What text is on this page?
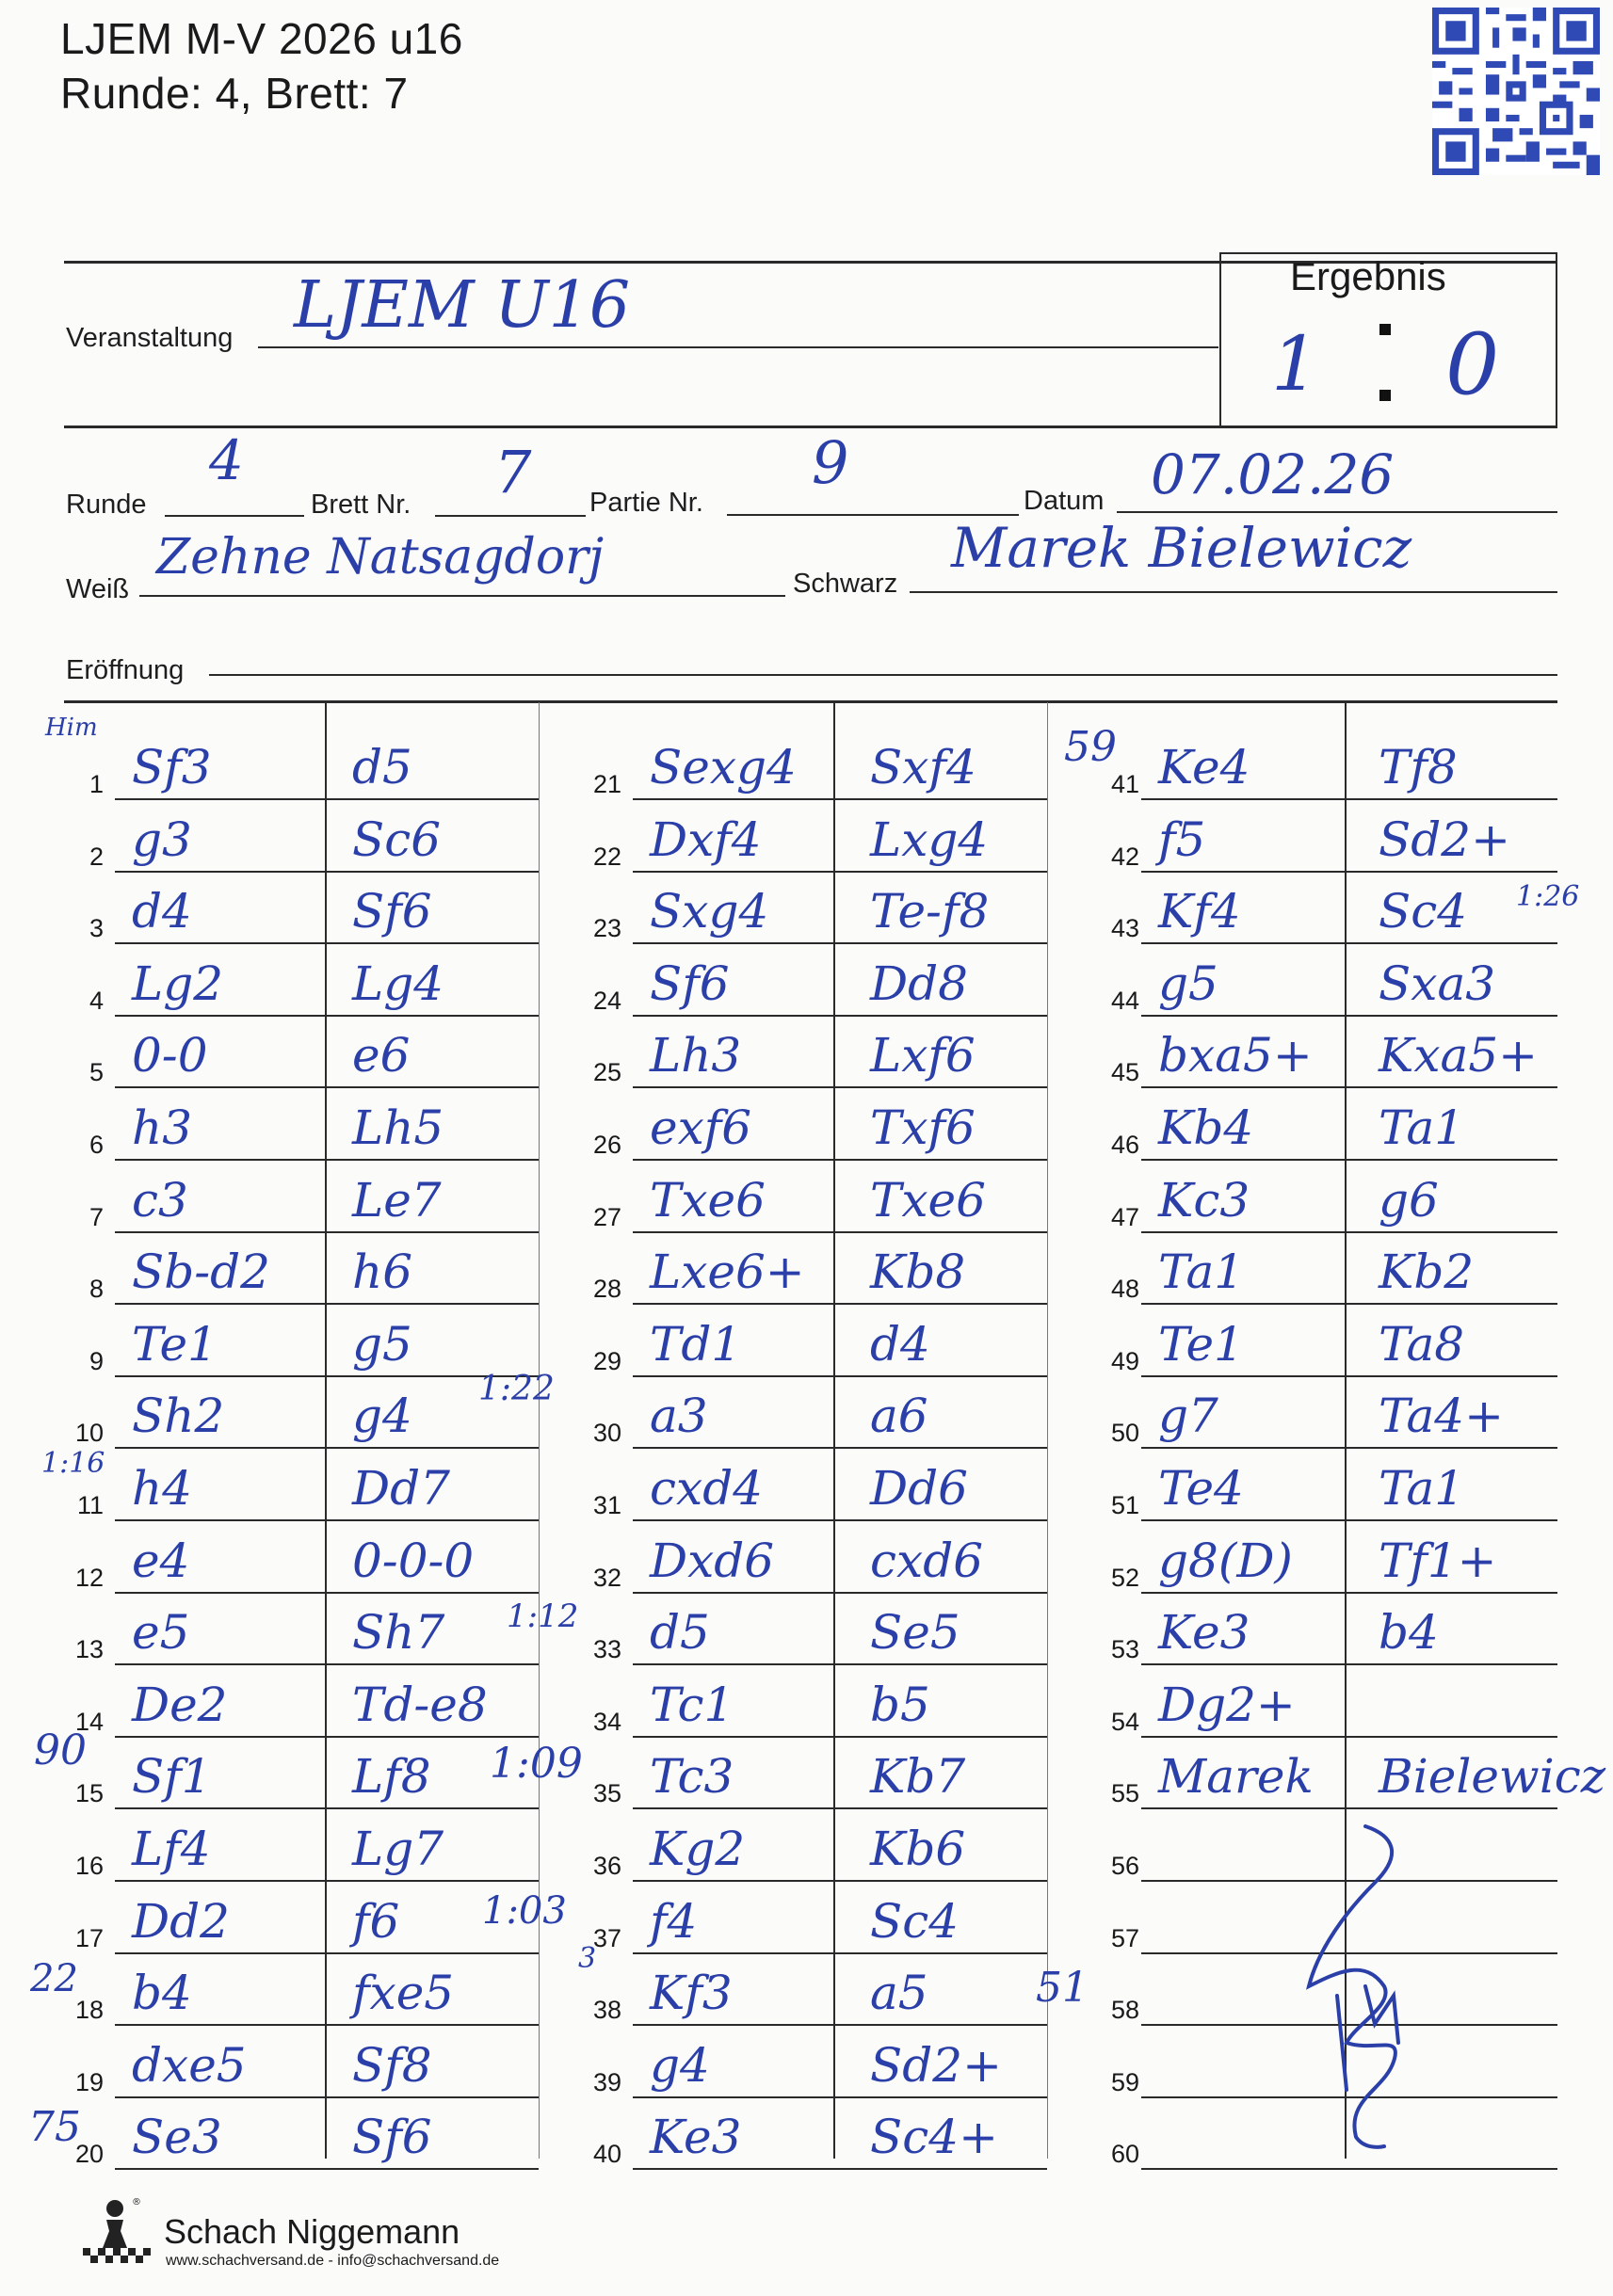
LJEM M-V 2026 u16
Runde: 4, Brett: 7
Ergebnis
1 0
Veranstaltung LJEM U16
Runde
4
Brett Nr. 7 Partie Nr.
9
Datum 07.02.26
Weiß
Zehne Natsagdorj	Schwarz
Marek Bielewicz
Eröffnung
1 Sf3	d5
2 g3	Sc6
3 d4	Sf6
4 Lg2	Lg4
5 0-0	e6
6 h3	Lh5
7 c3	Le7
8 Sb-d2 h6
9 Te1	g5
10 Sh2	g4
11 h4	Dd7
12 e4	0-0-0
13 e5	Sh7
14 De2	Td-e8
15 Sf1	Lf8
16 Lf4	Lg7
17 Dd2	f6
18 b4	fxe5
19 dxe5 Sf8
20 Se3	Sf6
21 Sexg4 Sxf4
22 Dxf4 Lxg4
23 Sxg4 Te-f8
24 Sf6	Dd8
25 Lh3	Lxf6
26 exf6	Txf6
27 Txe6 Txe6
28 Lxe6+ Kb8
29 Td1	d4
30 a3	a6
31 cxd4 Dd6
32 Dxd6 cxd6
33 d5	Se5
34 Tc1	b5
35 Tc3	Kb7
36 Kg2	Kb6
37 f4	Sc4
38 Kf3	a5
39 g4	Sd2+
40 Ke3	Sc4+
41 Ke4	Tf8
42 f5	Sd2+
43 Kf4	Sc4
44 g5	Sxa3
45 bxa5+ Kxa5+
46 Kb4	Ta1
47 Kc3	g6
48 Ta1	Kb2
49 Te1	Ta8
50 g7	Ta4+
51 Te4	Ta1
52 g8(D) Tf1+
53 Ke3	b4
54 Dg2+
55 Marek Bielewicz
56
57
58
59
60
®
Schach Niggemann
www.schachversand.de - info@schachversand.de
Him	59
1:26
1:22
1:16
1:12
90	1:09
1:03
3
22	51
75
